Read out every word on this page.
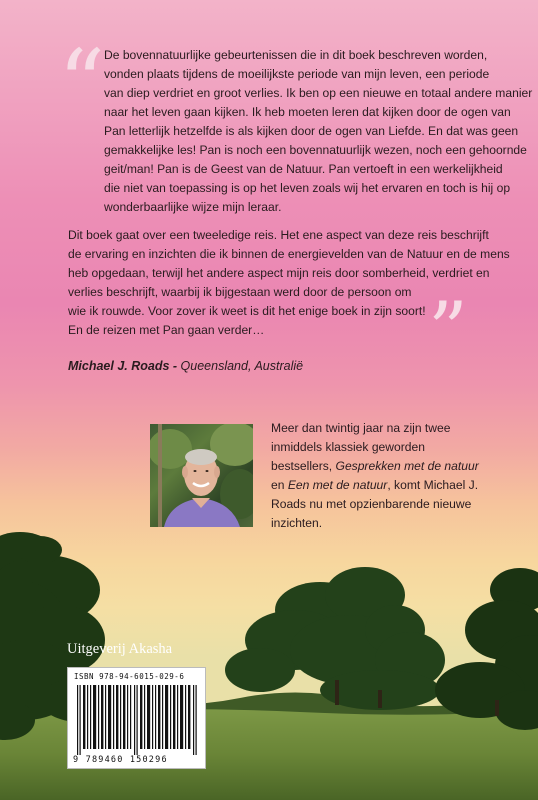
“

De bovennatuurlijke gebeurtenissen die in dit boek beschreven worden,
vonden plaats tijdens de moeilijkste periode van mijn leven, een periode
van diep verdriet en groot verlies. Ik ben op een nieuwe en totaal andere manier
naar het leven gaan kijken. Ik heb moeten leren dat kijken door de ogen van
Pan letterlijk hetzelfde is als kijken door de ogen van Liefde. En dat was geen
gemakkelijke les! Pan is noch een bovennatuurlijk wezen, noch een gehoornde
geit/man! Pan is de Geest van de Natuur. Pan vertoeft in een werkelijkheid
die niet van toepassing is op het leven zoals wij het ervaren en toch is hij op
wonderbaarlijke wijze mijn leraar.

Dit boek gaat over een tweeledige reis. Het ene aspect van deze reis beschrijft
de ervaring en inzichten die ik binnen de energievelden van de Natuur en de mens
heb opgedaan, terwijl het andere aspect mijn reis door somberheid, verdriet en
verlies beschrijft, waarbij ik bijgestaan werd door de persoon om
wie ik rouwde. Voor zover ik weet is dit het enige boek in zijn soort!
En de reizen met Pan gaan verder…	”
Michael J. Roads - Queensland, Australië

Meer dan twintig jaar na zijn twee inmiddels klassiek geworden bestsellers, Gesprekken met de natuur en Een met de natuur, komt Michael J. Roads nu met opzienbarende nieuwe inzichten.

Uitgeverij Akasha
ISBN 978-94-6015-029-6
9 789460 150296
